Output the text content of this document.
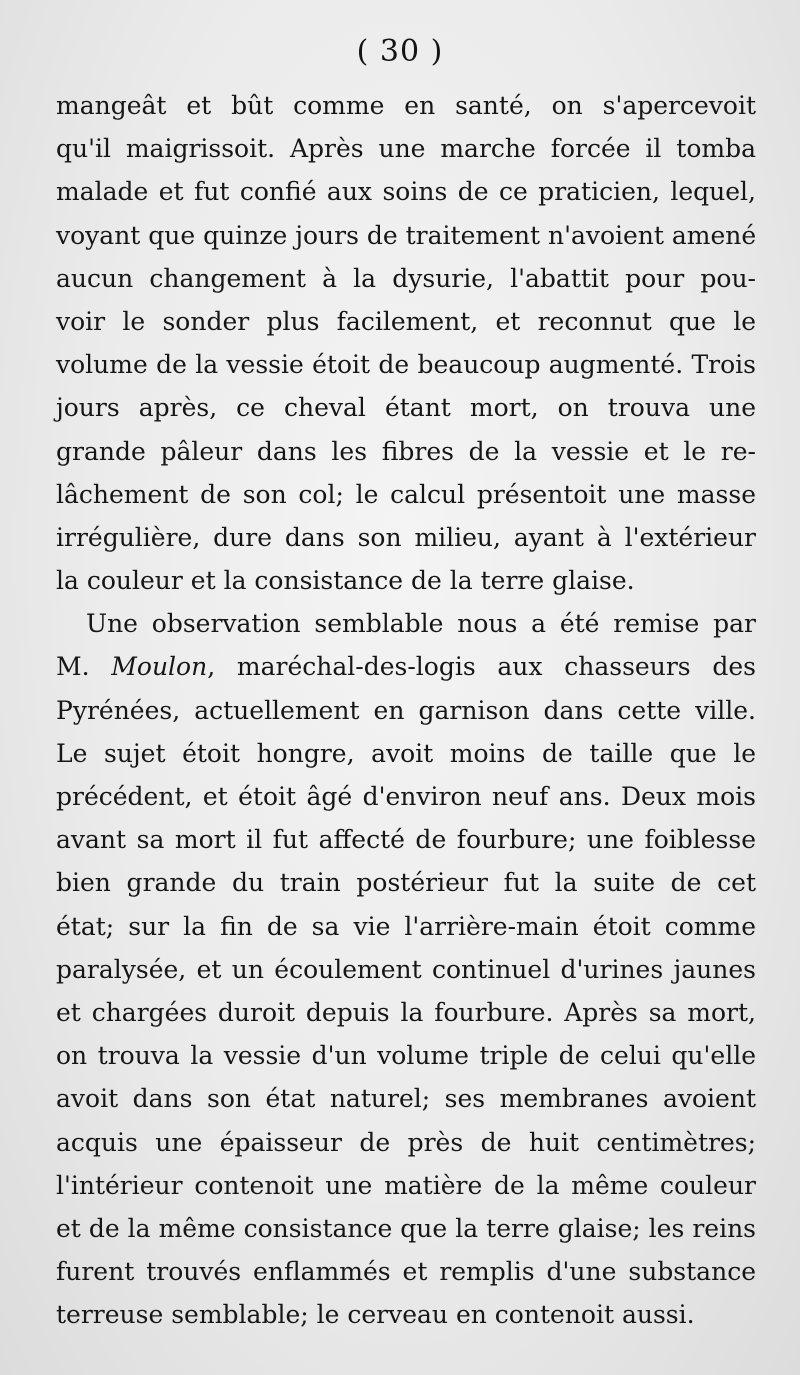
( 30 )
mangeât et bût comme en santé, on s'apercevoit
qu'il maigrissoit. Après une marche forcée il tomba
malade et fut confié aux soins de ce praticien, lequel,
voyant que quinze jours de traitement n'avoient amené
aucun changement à la dysurie, l'abattit pour pou-
voir le sonder plus facilement, et reconnut que le
volume de la vessie étoit de beaucoup augmenté. Trois
jours après, ce cheval étant mort, on trouva une
grande pâleur dans les fibres de la vessie et le re-
lâchement de son col; le calcul présentoit une masse
irrégulière, dure dans son milieu, ayant à l'extérieur
la couleur et la consistance de la terre glaise.
Une observation semblable nous a été remise par
M. Moulon, maréchal-des-logis aux chasseurs des
Pyrénées, actuellement en garnison dans cette ville.
Le sujet étoit hongre, avoit moins de taille que le
précédent, et étoit âgé d'environ neuf ans. Deux mois
avant sa mort il fut affecté de fourbure; une foiblesse
bien grande du train postérieur fut la suite de cet
état; sur la fin de sa vie l'arrière-main étoit comme
paralysée, et un écoulement continuel d'urines jaunes
et chargées duroit depuis la fourbure. Après sa mort,
on trouva la vessie d'un volume triple de celui qu'elle
avoit dans son état naturel; ses membranes avoient
acquis une épaisseur de près de huit centimètres;
l'intérieur contenoit une matière de la même couleur
et de la même consistance que la terre glaise; les reins
furent trouvés enflammés et remplis d'une substance
terreuse semblable; le cerveau en contenoit aussi.
